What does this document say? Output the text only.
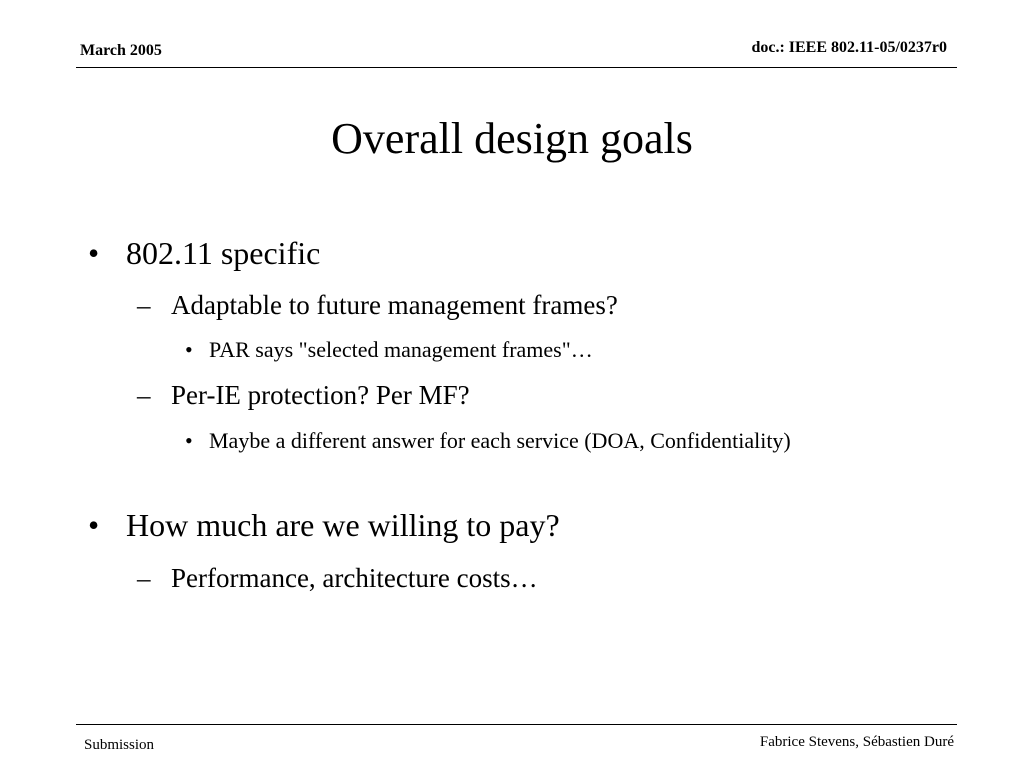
March 2005	doc.: IEEE 802.11-05/0237r0
Overall design goals
• 802.11 specific
– Adaptable to future management frames?
• PAR says "selected management frames"…
– Per-IE protection? Per MF?
• Maybe a different answer for each service (DOA, Confidentiality)
• How much are we willing to pay?
– Performance, architecture costs…
Submission	Fabrice Stevens, Sébastien Duré
